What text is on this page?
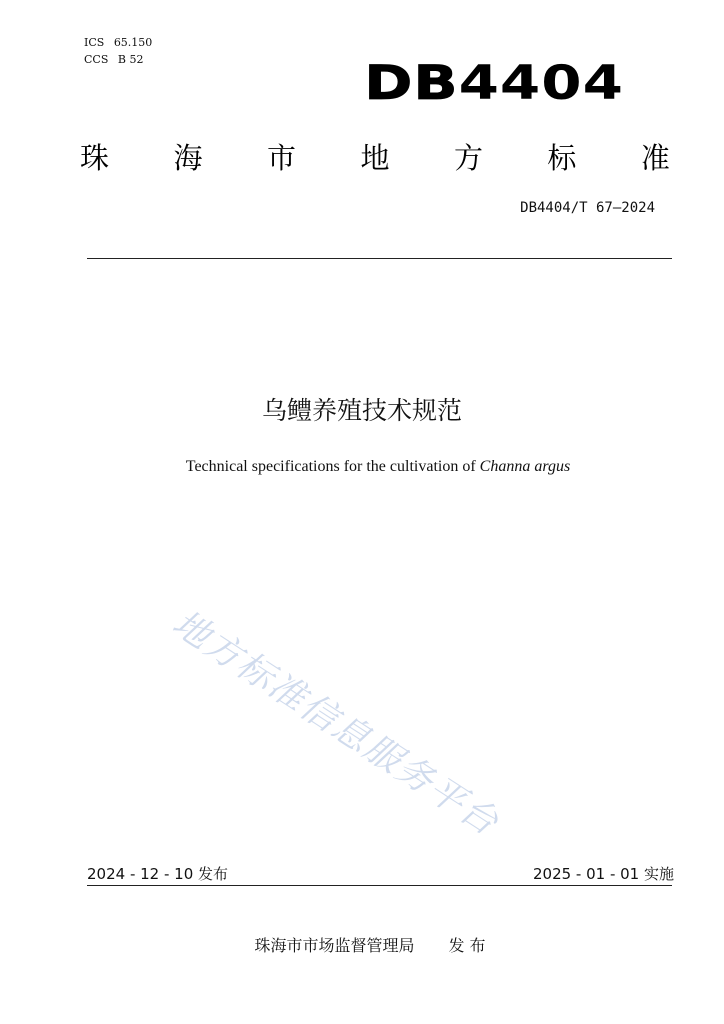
ICS 65.150
CCS B 52	DB4404
珠 海 市 地 方 标 准
DB4404/T 67—2024
乌鳢养殖技术规范
Technical specifications for the cultivation of Channa argus
地方标准信息服务平台
2024 - 12 - 10 发布	2025 - 01 - 01 实施
珠海市市场监督管理局 发 布
